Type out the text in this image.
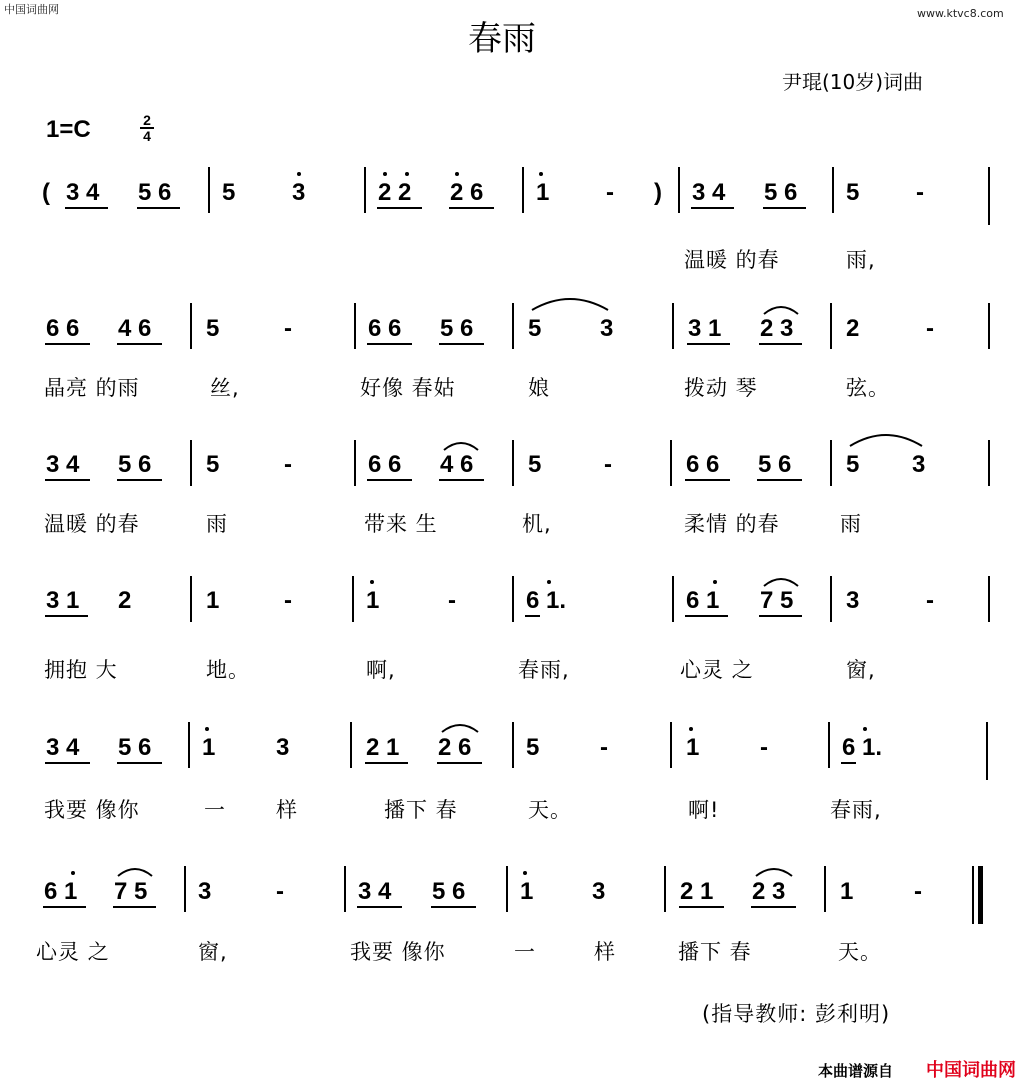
中国词曲网	www.ktvc8.com
春雨
尹琨(10岁)词曲
1=C	$\frac{2}{4}$
( 3 4 5 6 5 3	2 2 2 6 1 - ) 3 4 5 6 5 -
温暖 的春	雨,
6 6 4 6 5	-	6 6 5 6 5 3	3 1 2 3 2	-
晶亮 的雨	丝,	好像 春姑	娘	拨动 琴	弦。
3 4 5 6 5	-	6 6 4 6 5	-	6 6 5 6 5 3
温暖 的春	雨	带来 生	机,	柔情 的春	雨
3 1 2	1	-	1	-	6 1.	6 1 7 5 3	-
拥抱 大	地。	啊,	春雨,	心灵 之	窗,
3 4 5 6 1	3	2 1 2 6 5	-	1	-	6 1.
我要 像你	一 样	播下 春	天。	啊!	春雨,
6 1 7 5 3	-	3 4 5 6 1 3	2 1 2 3 1	-
心灵 之	窗,	我要 像你	一	样	播下 春	天。
(指导教师: 彭利明)
本曲谱源自 中国词曲网
